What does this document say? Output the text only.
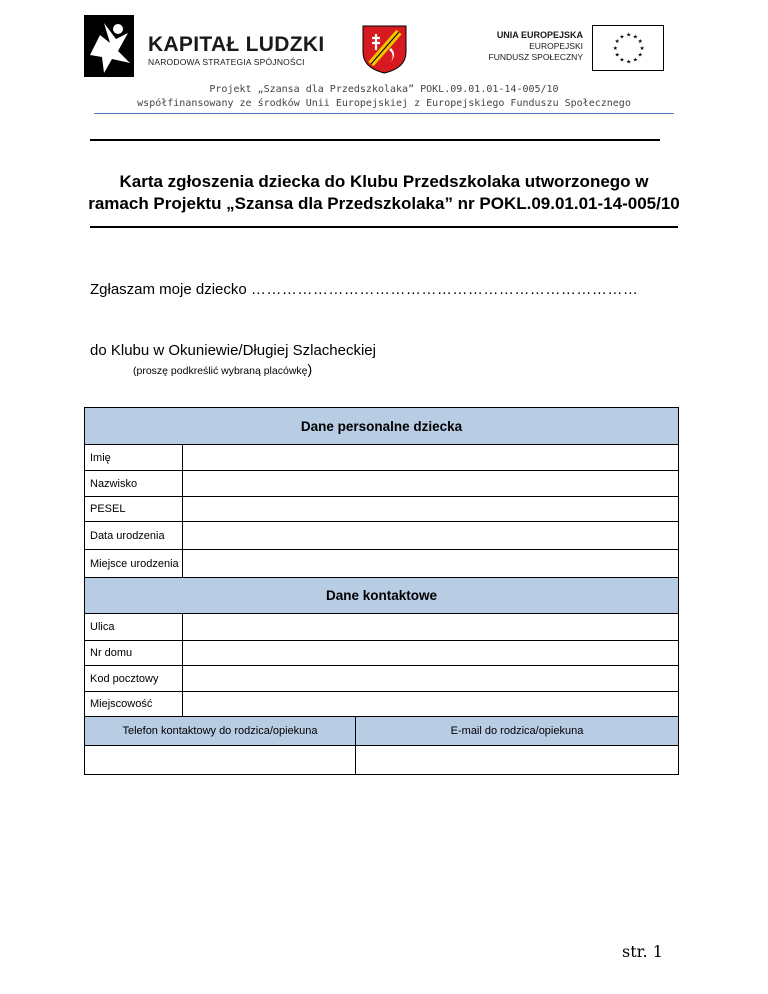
KAPITAŁ LUDZKI
NARODOWA STRATEGIA SPÓJNOŚCI
UNIA EUROPEJSKA
EUROPEJSKI
FUNDUSZ SPOŁECZNY
★ ★
★
★
★
★
★
★
★
★
★
★
Projekt „Szansa dla Przedszkolaka” POKL.09.01.01-14-005/10
współfinansowany ze środków Unii Europejskiej z Europejskiego Funduszu Społecznego
Karta zgłoszenia dziecka do Klubu Przedszkolaka utworzonego w
ramach Projektu „Szansa dla Przedszkolaka” nr POKL.09.01.01-14-005/10
Zgłaszam moje dziecko …………………………………………………………………
do Klubu w Okuniewie/Długiej Szlacheckiej
(proszę podkreślić wybraną placówkę)
Dane personalne dziecka		
Imię		
Nazwisko		
PESEL		
Data urodzenia		
Miejsce urodzenia		
Dane kontaktowe		
Ulica		
Nr domu		
Kod pocztowy		
Miejscowość		
Telefon kontaktowy do rodzica/opiekuna		E-mail do rodzica/opiekuna

str. 1
